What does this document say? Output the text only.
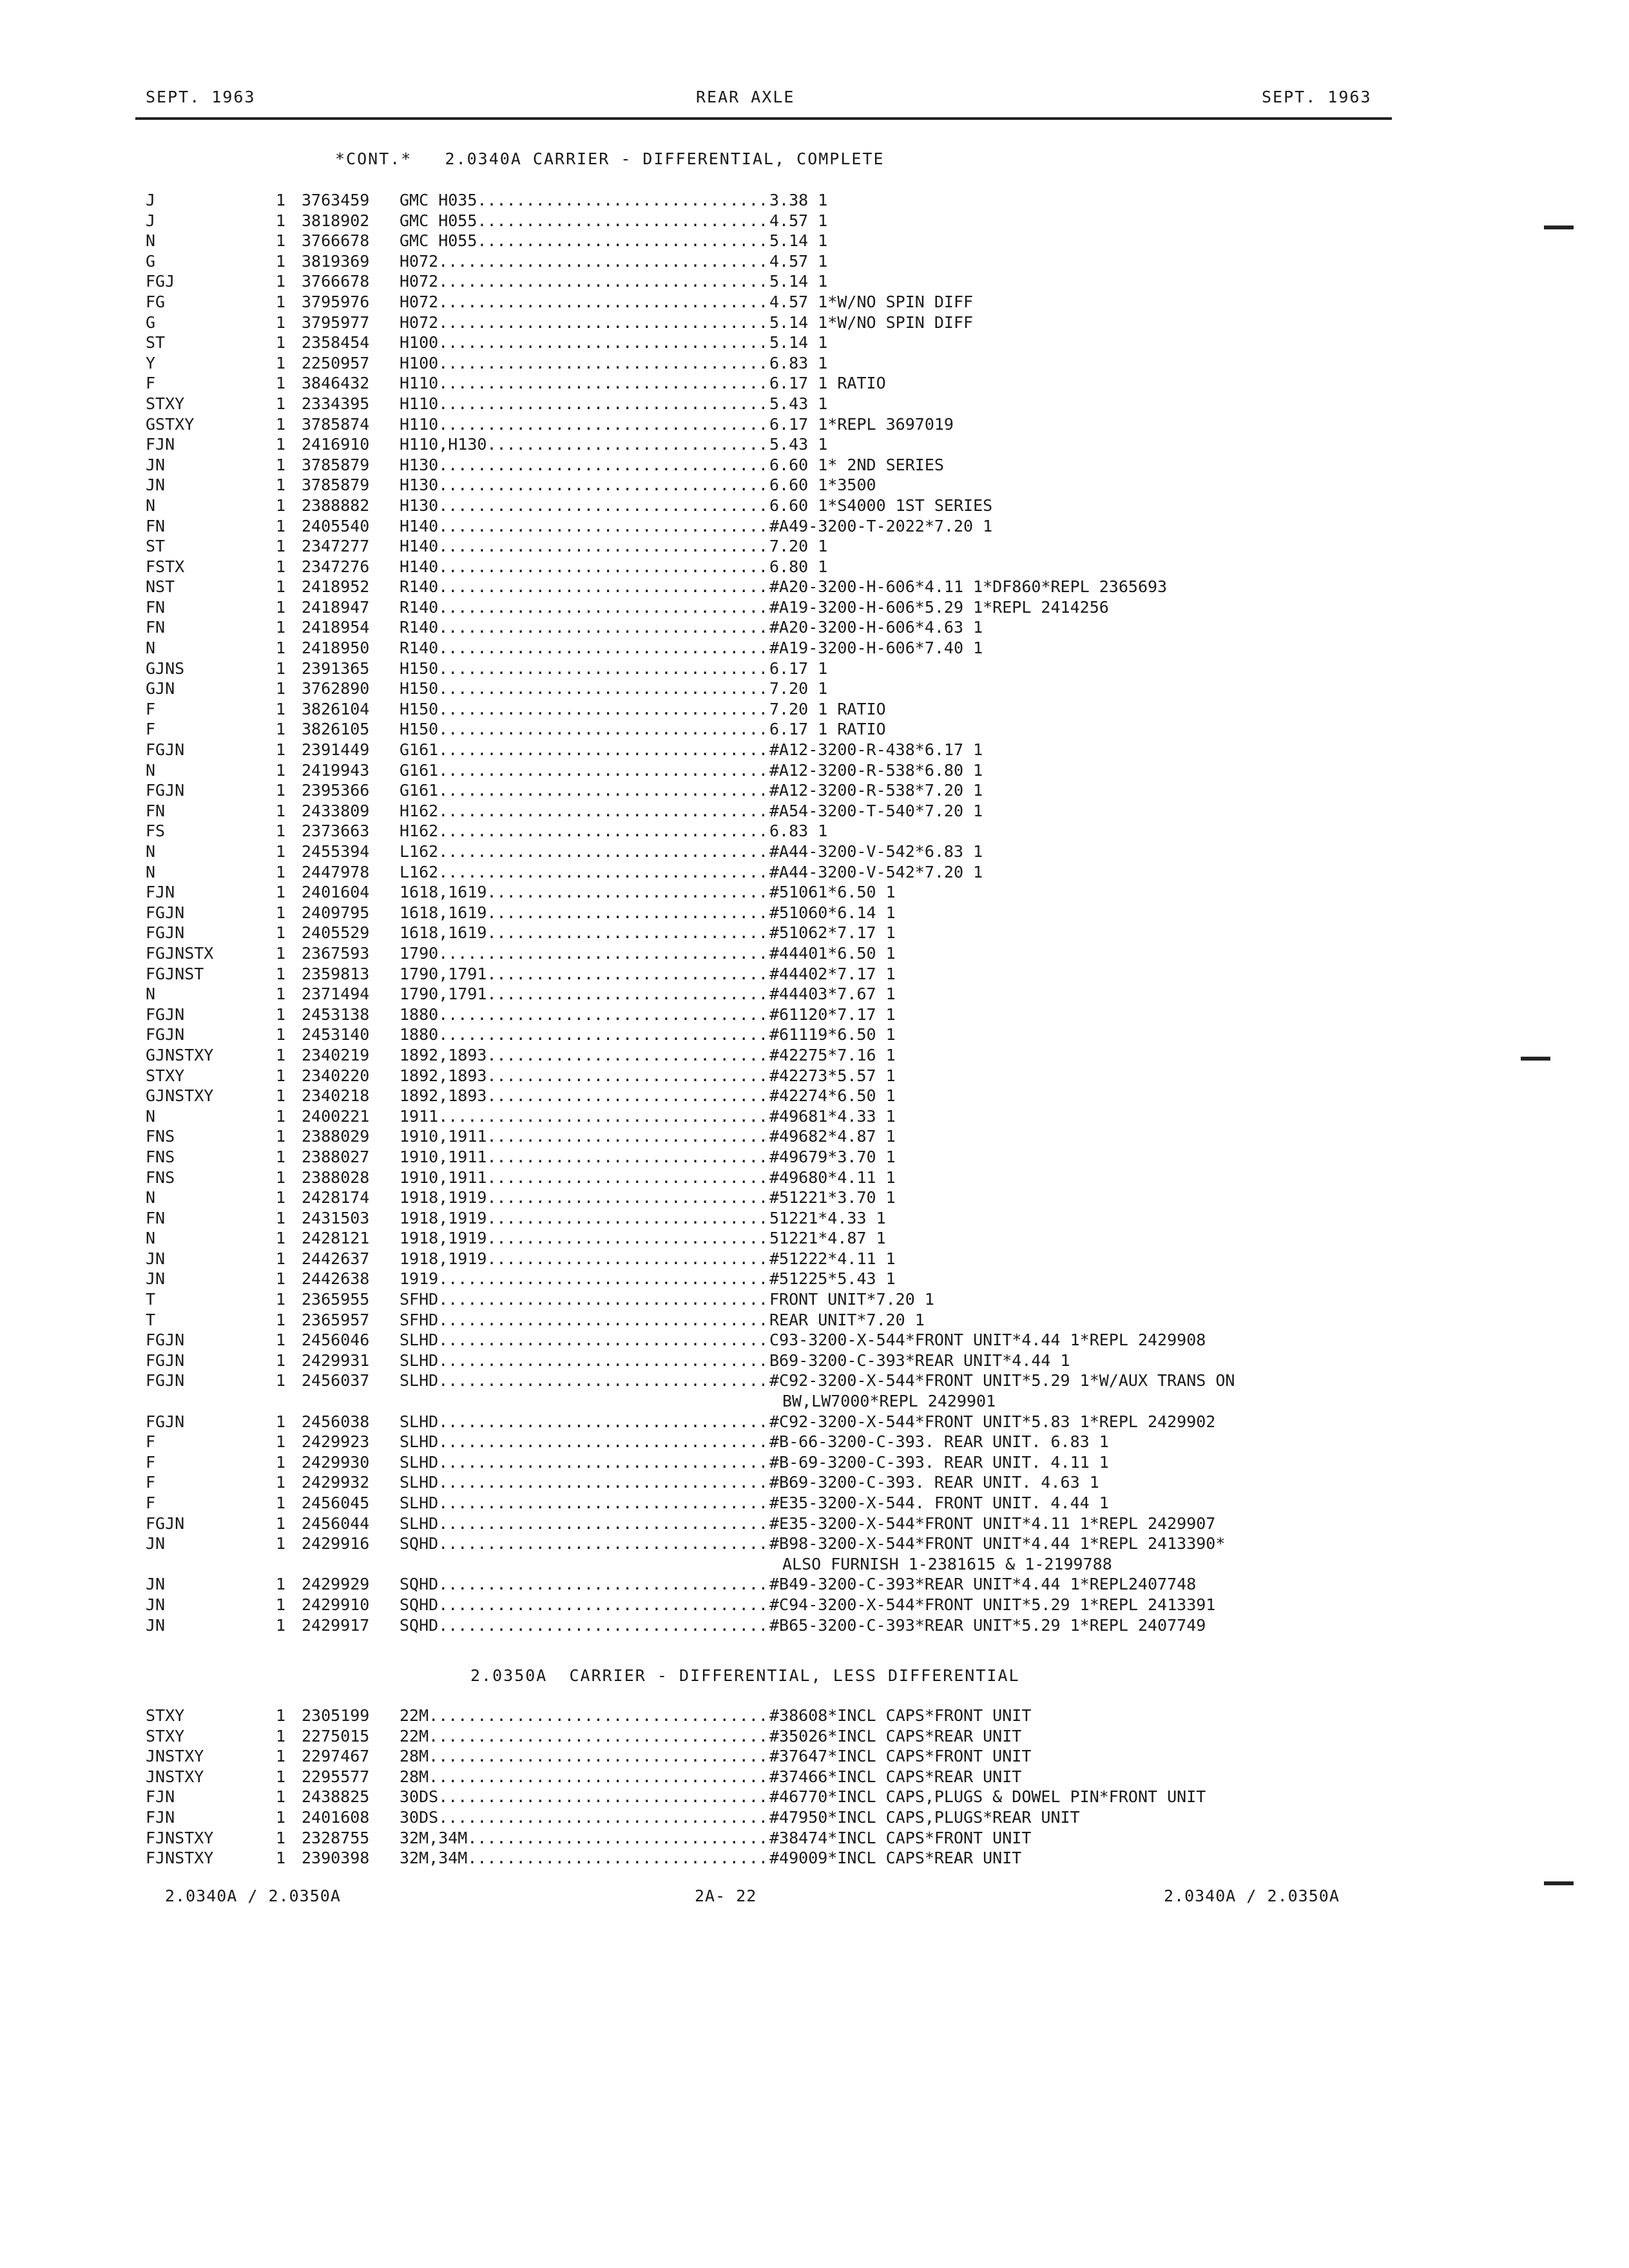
SEPT. 1963	REAR AXLE	SEPT. 1963
*CONT.*   2.0340A CARRIER - DIFFERENTIAL, COMPLETE
J	1 3763459 GMC H035.............................. 3.38 1
J	1 3818902 GMC H055.............................. 4.57 1
N	1 3766678 GMC H055.............................. 5.14 1
G	1 3819369 H072.................................. 4.57 1
FGJ	1 3766678 H072.................................. 5.14 1
FG	1 3795976 H072.................................. 4.57 1*W/NO SPIN DIFF
G	1 3795977 H072.................................. 5.14 1*W/NO SPIN DIFF
ST	1 2358454 H100.................................. 5.14 1
Y	1 2250957 H100.................................. 6.83 1
F	1 3846432 H110.................................. 6.17 1 RATIO
STXY	1 2334395 H110.................................. 5.43 1
GSTXY	1 3785874 H110.................................. 6.17 1*REPL 3697019
FJN	1 2416910 H110,H130............................. 5.43 1
JN	1 3785879 H130.................................. 6.60 1* 2ND SERIES
JN	1 3785879 H130.................................. 6.60 1*3500
N	1 2388882 H130.................................. 6.60 1*S4000 1ST SERIES
FN	1 2405540 H140.................................. #A49-3200-T-2022*7.20 1
ST	1 2347277 H140.................................. 7.20 1
FSTX	1 2347276 H140.................................. 6.80 1
NST	1 2418952 R140.................................. #A20-3200-H-606*4.11 1*DF860*REPL 2365693
FN	1 2418947 R140.................................. #A19-3200-H-606*5.29 1*REPL 2414256
FN	1 2418954 R140.................................. #A20-3200-H-606*4.63 1
N	1 2418950 R140.................................. #A19-3200-H-606*7.40 1
GJNS	1 2391365 H150.................................. 6.17 1
GJN	1 3762890 H150.................................. 7.20 1
F	1 3826104 H150.................................. 7.20 1 RATIO
F	1 3826105 H150.................................. 6.17 1 RATIO
FGJN	1 2391449 G161.................................. #A12-3200-R-438*6.17 1
N	1 2419943 G161.................................. #A12-3200-R-538*6.80 1
FGJN	1 2395366 G161.................................. #A12-3200-R-538*7.20 1
FN	1 2433809 H162.................................. #A54-3200-T-540*7.20 1
FS	1 2373663 H162.................................. 6.83 1
N	1 2455394 L162.................................. #A44-3200-V-542*6.83 1
N	1 2447978 L162.................................. #A44-3200-V-542*7.20 1
FJN	1 2401604 1618,1619............................. #51061*6.50 1
FGJN	1 2409795 1618,1619............................. #51060*6.14 1
FGJN	1 2405529 1618,1619............................. #51062*7.17 1
FGJNSTX	1 2367593 1790.................................. #44401*6.50 1
FGJNST	1 2359813 1790,1791............................. #44402*7.17 1
N	1 2371494 1790,1791............................. #44403*7.67 1
FGJN	1 2453138 1880.................................. #61120*7.17 1
FGJN	1 2453140 1880.................................. #61119*6.50 1
GJNSTXY	1 2340219 1892,1893............................. #42275*7.16 1
STXY	1 2340220 1892,1893............................. #42273*5.57 1
GJNSTXY	1 2340218 1892,1893............................. #42274*6.50 1
N	1 2400221 1911.................................. #49681*4.33 1
FNS	1 2388029 1910,1911............................. #49682*4.87 1
FNS	1 2388027 1910,1911............................. #49679*3.70 1
FNS	1 2388028 1910,1911............................. #49680*4.11 1
N	1 2428174 1918,1919............................. #51221*3.70 1
FN	1 2431503 1918,1919............................. 51221*4.33 1
N	1 2428121 1918,1919............................. 51221*4.87 1
JN	1 2442637 1918,1919............................. #51222*4.11 1
JN	1 2442638 1919.................................. #51225*5.43 1
T	1 2365955 SFHD.................................. FRONT UNIT*7.20 1
T	1 2365957 SFHD.................................. REAR UNIT*7.20 1
FGJN	1 2456046 SLHD.................................. C93-3200-X-544*FRONT UNIT*4.44 1*REPL 2429908
FGJN	1 2429931 SLHD.................................. B69-3200-C-393*REAR UNIT*4.44 1
FGJN	1 2456037 SLHD.................................. #C92-3200-X-544*FRONT UNIT*5.29 1*W/AUX TRANS ON
BW,LW7000*REPL 2429901
FGJN	1 2456038 SLHD.................................. #C92-3200-X-544*FRONT UNIT*5.83 1*REPL 2429902
F	1 2429923 SLHD.................................. #B-66-3200-C-393. REAR UNIT. 6.83 1
F	1 2429930 SLHD.................................. #B-69-3200-C-393. REAR UNIT. 4.11 1
F	1 2429932 SLHD.................................. #B69-3200-C-393. REAR UNIT. 4.63 1
F	1 2456045 SLHD.................................. #E35-3200-X-544. FRONT UNIT. 4.44 1
FGJN	1 2456044 SLHD.................................. #E35-3200-X-544*FRONT UNIT*4.11 1*REPL 2429907
JN	1 2429916 SQHD.................................. #B98-3200-X-544*FRONT UNIT*4.44 1*REPL 2413390*
ALSO FURNISH 1-2381615 & 1-2199788
JN	1 2429929 SQHD.................................. #B49-3200-C-393*REAR UNIT*4.44 1*REPL2407748
JN	1 2429910 SQHD.................................. #C94-3200-X-544*FRONT UNIT*5.29 1*REPL 2413391
JN	1 2429917 SQHD.................................. #B65-3200-C-393*REAR UNIT*5.29 1*REPL 2407749
2.0350A  CARRIER - DIFFERENTIAL, LESS DIFFERENTIAL
STXY	1 2305199 22M................................... #38608*INCL CAPS*FRONT UNIT
STXY	1 2275015 22M................................... #35026*INCL CAPS*REAR UNIT
JNSTXY	1 2297467 28M................................... #37647*INCL CAPS*FRONT UNIT
JNSTXY	1 2295577 28M................................... #37466*INCL CAPS*REAR UNIT
FJN	1 2438825 30DS.................................. #46770*INCL CAPS,PLUGS & DOWEL PIN*FRONT UNIT
FJN	1 2401608 30DS.................................. #47950*INCL CAPS,PLUGS*REAR UNIT
FJNSTXY	1 2328755 32M,34M............................... #38474*INCL CAPS*FRONT UNIT
FJNSTXY	1 2390398 32M,34M............................... #49009*INCL CAPS*REAR UNIT
2.0340A / 2.0350A	2A- 22	2.0340A / 2.0350A
